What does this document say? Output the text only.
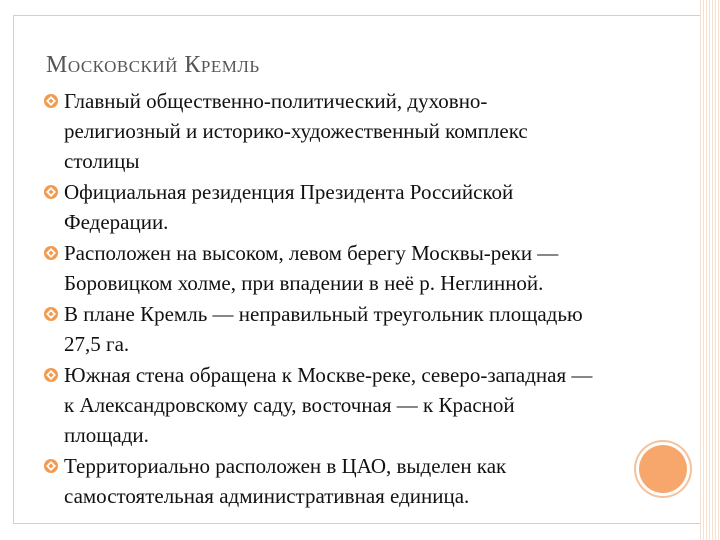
Московский Кремль
Главный общественно-политический, духовно-
религиозный и историко-художественный комплекс
столицы
Официальная резиденция Президента Российской
Федерации.
Расположен на высоком, левом берегу Москвы-реки —
Боровицком холме, при впадении в неё р. Неглинной.
В плане Кремль — неправильный треугольник площадью
27,5 га.
Южная стена обращена к Москве-реке, северо-западная —
к Александровскому саду, восточная — к Красной
площади.
Территориально расположен в ЦАО, выделен как
самостоятельная административная единица.
